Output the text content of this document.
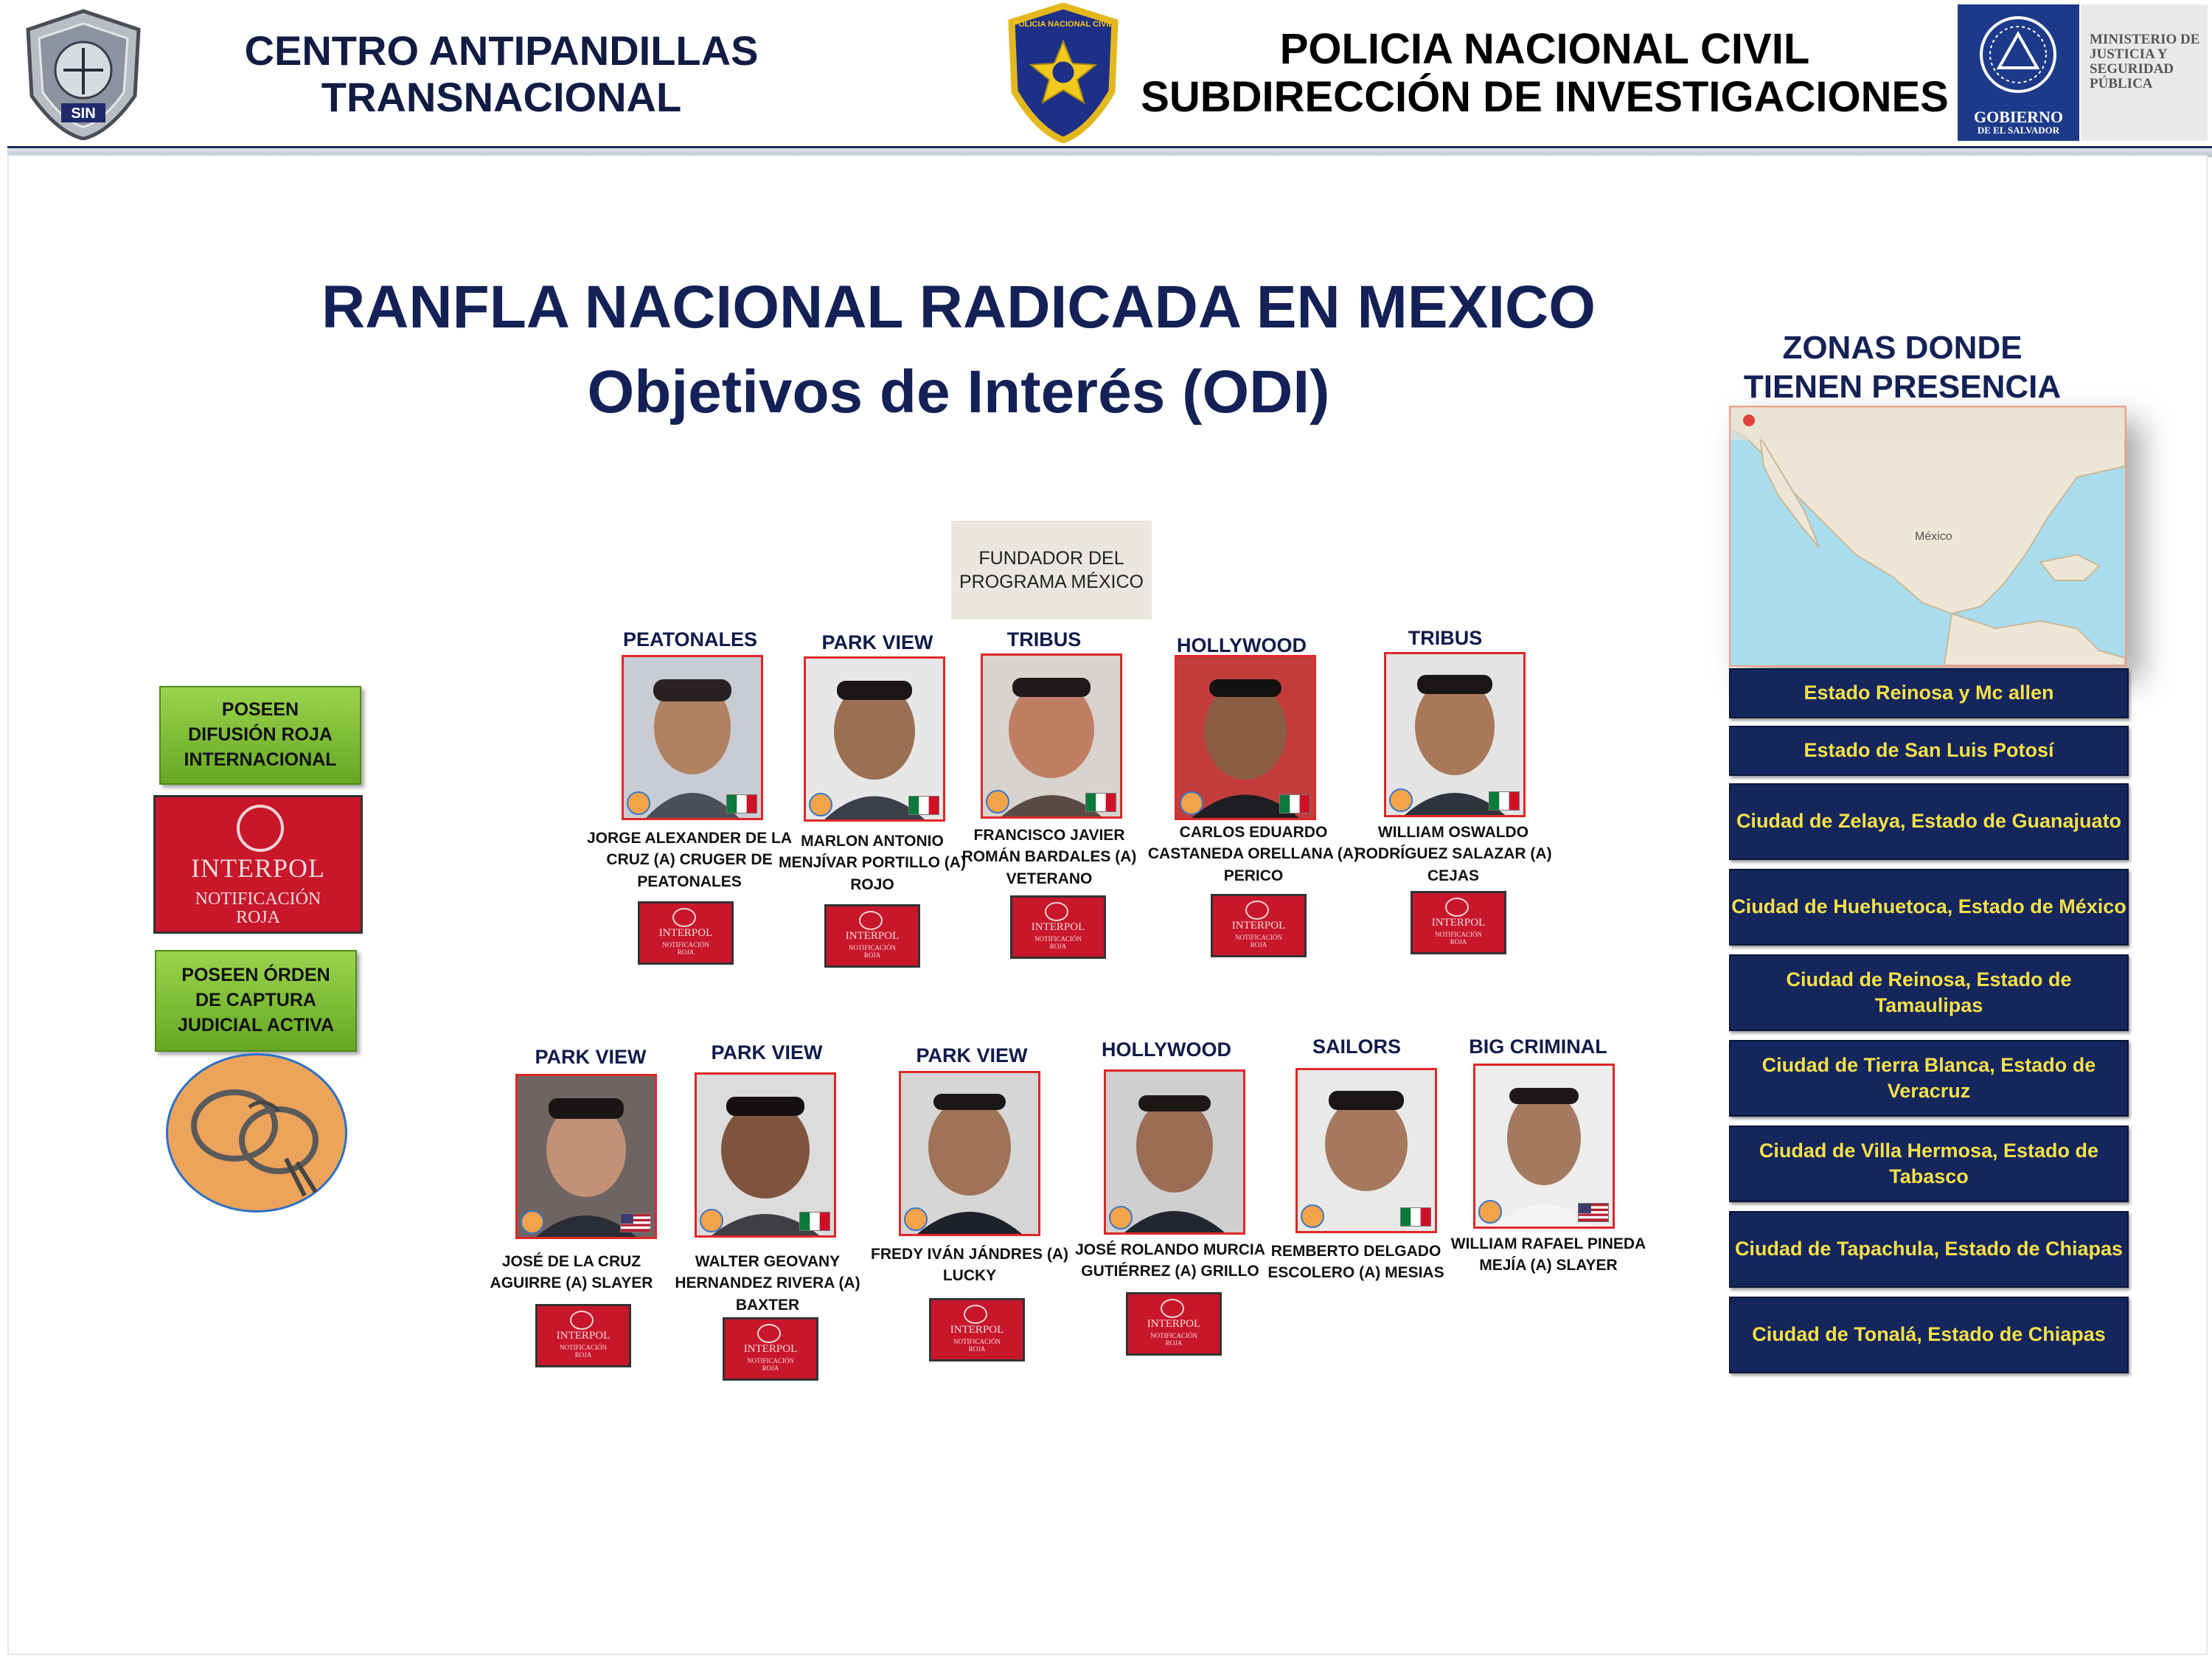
SIN
CENTRO ANTIPANDILLAS
TRANSNACIONAL
POLICIA NACIONAL CIVIL
POLICIA NACIONAL CIVIL
SUBDIRECCIÓN DE INVESTIGACIONES	GOBIERNO
DE EL SALVADOR
MINISTERIO DE JUSTICIA Y SEGURIDAD PÚBLICA
RANFLA NACIONAL RADICADA EN MEXICO
Objetivos de Interés (ODI)
ZONAS DONDE
TIENEN PRESENCIA
México
Estado Reinosa y Mc allen
Estado de San Luis Potosí
Ciudad de Zelaya, Estado de Guanajuato
Ciudad de Huehuetoca, Estado de México
Ciudad de Reinosa, Estado de Tamaulipas
Ciudad de Tierra Blanca, Estado de Veracruz
Ciudad de Villa Hermosa, Estado de Tabasco
Ciudad de Tapachula, Estado de Chiapas
Ciudad de Tonalá, Estado de Chiapas
FUNDADOR DEL PROGRAMA MÉXICO
POSEEN
DIFUSIÓN ROJA
INTERNACIONAL
INTERPOL
NOTIFICACIÓN
ROJA
POSEEN ÓRDEN
DE CAPTURA
JUDICIAL ACTIVA
PEATONALES
JORGE ALEXANDER DE LA CRUZ (A) CRUGER DE PEATONALES
INTERPOL
NOTIFICACIÓN
ROJA
PARK VIEW
MARLON ANTONIO MENJÍVAR PORTILLO (A) ROJO
INTERPOL
NOTIFICACIÓN
ROJA
TRIBUS
FRANCISCO JAVIER ROMÁN BARDALES (A) VETERANO
INTERPOL
NOTIFICACIÓN
ROJA
HOLLYWOOD
CARLOS EDUARDO CASTANEDA ORELLANA (A) PERICO
INTERPOL
NOTIFICACIÓN
ROJA
TRIBUS
WILLIAM OSWALDO RODRÍGUEZ SALAZAR (A) CEJAS
INTERPOL
NOTIFICACIÓN
ROJA
PARK VIEW
JOSÉ DE LA CRUZ AGUIRRE (A) SLAYER
INTERPOL
NOTIFICACIÓN
ROJA
PARK VIEW
WALTER GEOVANY HERNANDEZ RIVERA (A) BAXTER
INTERPOL
NOTIFICACIÓN
ROJA
PARK VIEW
FREDY IVÁN JÁNDRES (A) LUCKY
INTERPOL
NOTIFICACIÓN
ROJA
HOLLYWOOD
JOSÉ ROLANDO MURCIA GUTIÉRREZ (A) GRILLO
INTERPOL
NOTIFICACIÓN
ROJA
SAILORS
REMBERTO DELGADO ESCOLERO (A) MESIAS
BIG CRIMINAL
WILLIAM RAFAEL PINEDA MEJÍA (A) SLAYER
